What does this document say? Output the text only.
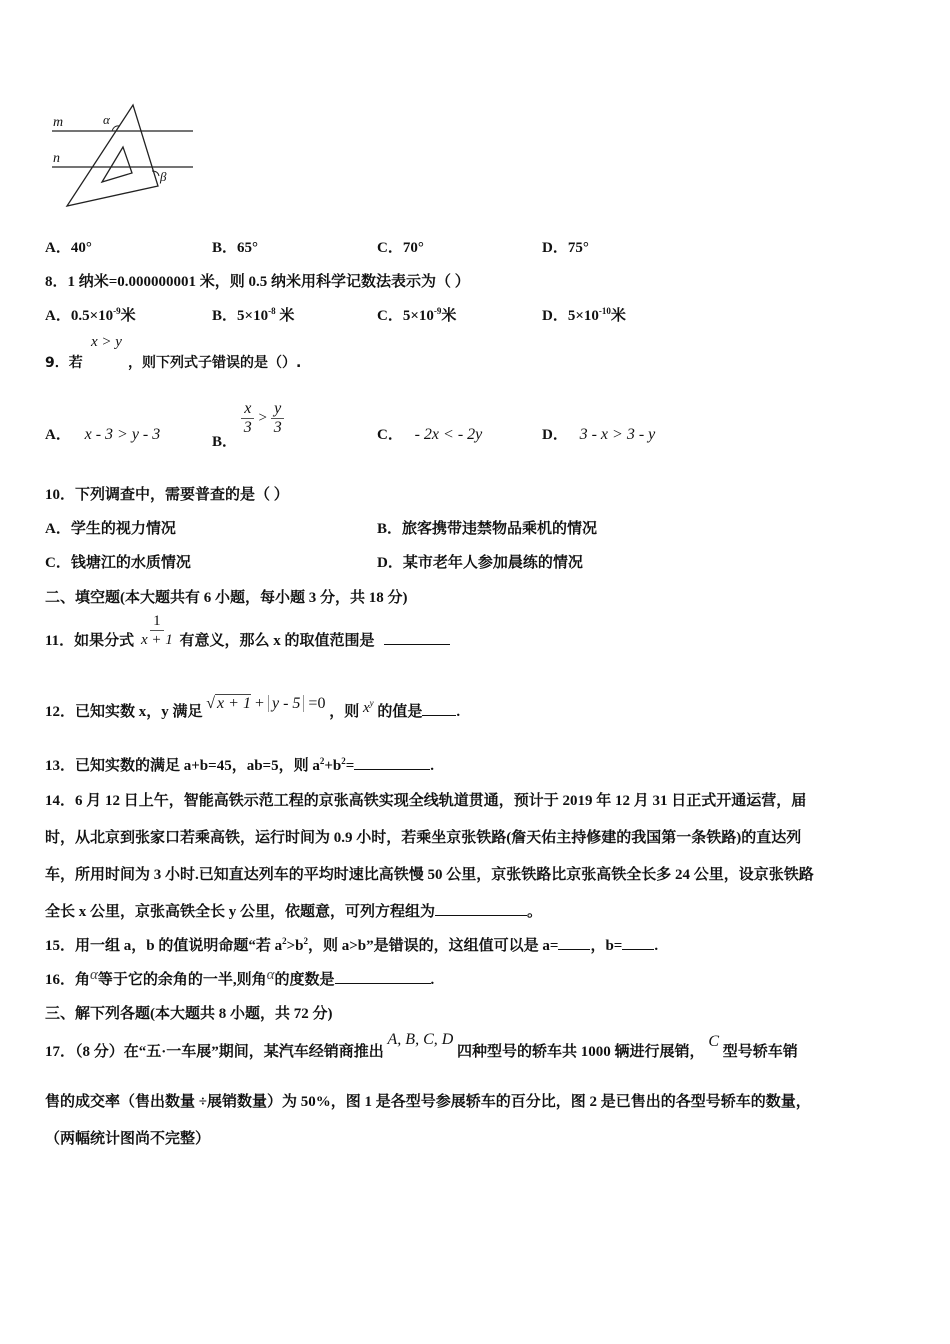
m
n
α
β
A．40°	B．65°	C．70°	D．75°
8．1 纳米=0.000000001 米，则 0.5 纳米用科学记数法表示为（ ）
A．$0.5\times 10^{-9}$米	B．$5\times 10^{-8}$ 米	C．$5\times 10^{-9}$米	D．$5\times 10^{-10}$米
9．若
x > y
，则下列式子错误的是（）.
A． x - 3 > y - 3	B．
$\frac{x}{3} > \frac{y}{3}$	C． - 2x < - 2y	D． 3 - x > 3 - y
10．下列调查中，需要普查的是（ ）
A．学生的视力情况	B．旅客携带违禁物品乘机的情况
C．钱塘江的水质情况	D．某市老年人参加晨练的情况
二、填空题(本大题共有 6 小题，每小题 3 分，共 18 分)
11．如果分式 $\frac{1}{x + 1}$ 有意义，那么 x 的取值范围是
12．已知实数 x，y 满足 √ x + 1 + y - 5 =0 ，则 $x^y$ 的值是 .
13．已知实数的满足 a+b=45，ab=5，则 $a^2+b^2=$	.
14．6 月 12 日上午，智能高铁示范工程的京张高铁实现全线轨道贯通，预计于 2019 年 12 月 31 日正式开通运营，届
时，从北京到张家口若乘高铁，运行时间为 0.9 小时，若乘坐京张铁路(詹天佑主持修建的我国第一条铁路)的直达列
车，所用时间为 3 小时.已知直达列车的平均时速比高铁慢 50 公里，京张铁路比京张高铁全长多 24 公里，设京张铁路
全长 x 公里，京张高铁全长 y 公里，依题意，可列方程组为	。
15．用一组 a，b 的值说明命题“若 $a^2>b^2$，则 a>b”是错误的，这组值可以是 a= ，b= .
16．角α等于它的余角的一半,则角α的度数是	.
三、解下列各题(本大题共 8 小题，共 72 分)
17．（8 分）在“五·一车展”期间，某汽车经销商推出 A, B, C, D 四种型号的轿车共 1000 辆进行展销， C 型号轿车销
售的成交率（售出数量 ÷展销数量）为 50%，图 1 是各型号参展轿车的百分比，图 2 是已售出的各型号轿车的数量，
（两幅统计图尚不完整）
